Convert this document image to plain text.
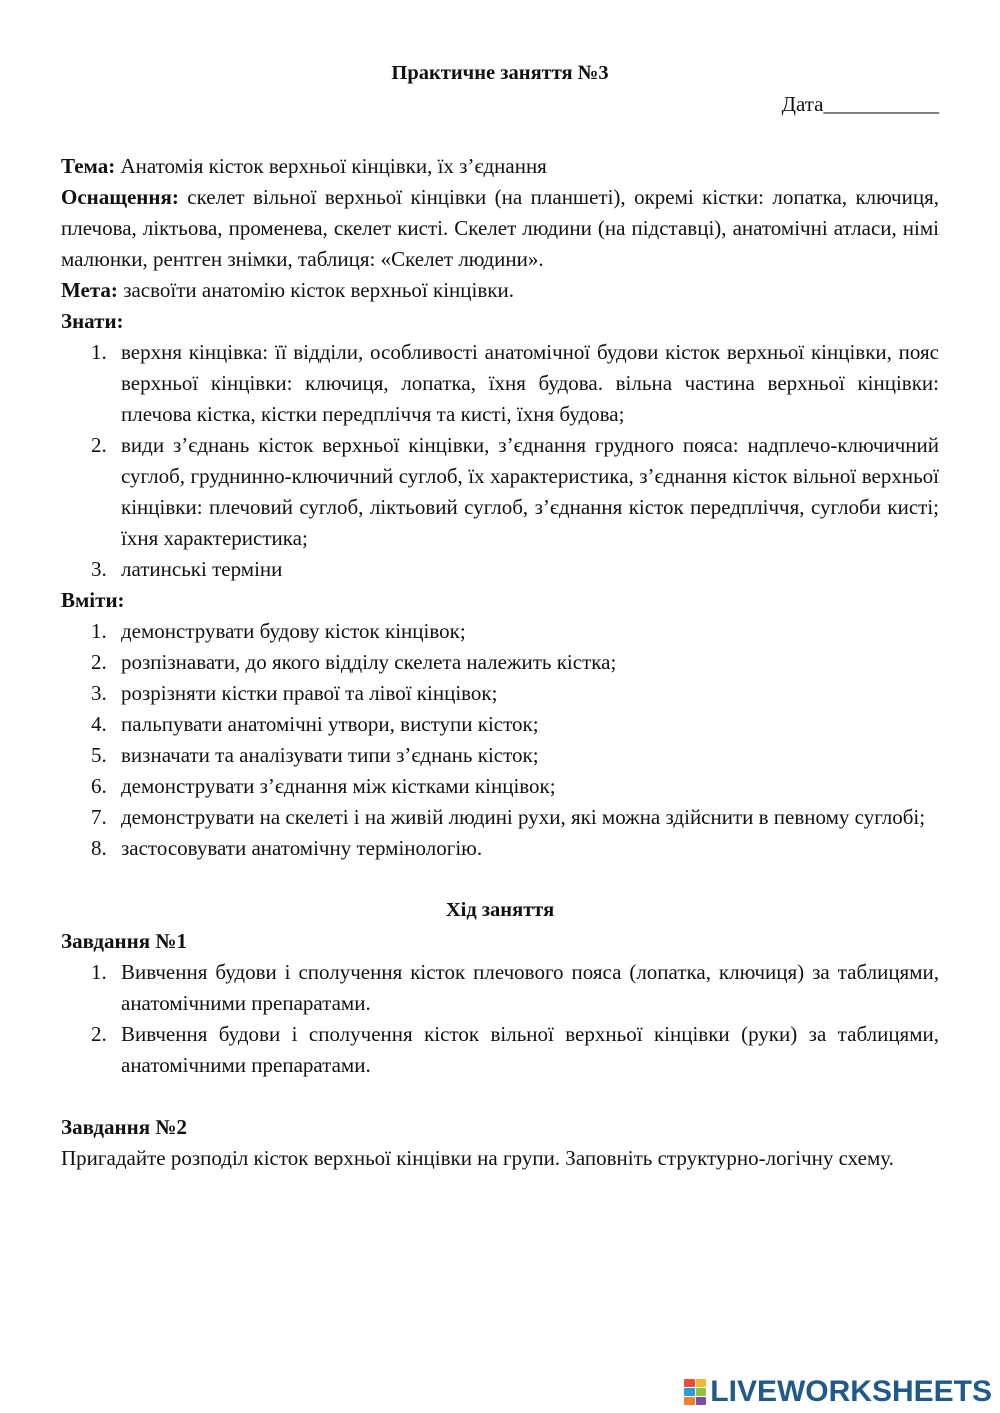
Практичне заняття №3
Дата___________

Тема: Анатомія кісток верхньої кінцівки, їх з’єднання

Оснащення: скелет вільної верхньої кінцівки (на планшеті), окремі кістки: лопатка, ключиця, плечова, ліктьова, променева, скелет кисті. Скелет людини (на підставці), анатомічні атласи, німі малюнки, рентген знімки, таблиця: «Скелет людини».

Мета: засвоїти анатомію кісток верхньої кінцівки.

Знати:

1. верхня кінцівка: її відділи, особливості анатомічної будови кісток верхньої кінцівки, пояс верхньої кінцівки: ключиця, лопатка, їхня будова. вільна частина верхньої кінцівки: плечова кістка, кістки передпліччя та кисті, їхня будова;
2. види з’єднань кісток верхньої кінцівки, з’єднання грудного пояса: надплечо-ключичний суглоб, груднинно-ключичний суглоб, їх характеристика, з’єднання кісток вільної верхньої кінцівки: плечовий суглоб, ліктьовий суглоб, з’єднання кісток передпліччя, суглоби кисті; їхня характеристика;
3. латинські терміни

Вміти:

1. демонструвати будову кісток кінцівок;
2. розпізнавати, до якого відділу скелета належить кістка;
3. розрізняти кістки правої та лівої кінцівок;
4. пальпувати анатомічні утвори, виступи кісток;
5. визначати та аналізувати типи з’єднань кісток;
6. демонструвати з’єднання між кістками кінцівок;
7. демонструвати на скелеті і на живій людині рухи, які можна здійснити в певному суглобі;
8. застосовувати анатомічну термінологію.
Хід заняття

Завдання №1

1. Вивчення будови і сполучення кісток плечового пояса (лопатка, ключиця) за таблицями, анатомічними препаратами.
2. Вивчення будови і сполучення кісток вільної верхньої кінцівки (руки) за таблицями, анатомічними препаратами.

Завдання №2

Пригадайте розподіл кісток верхньої кінцівки на групи. Заповніть структурно-логічну схему.

LIVEWORKSHEETS
